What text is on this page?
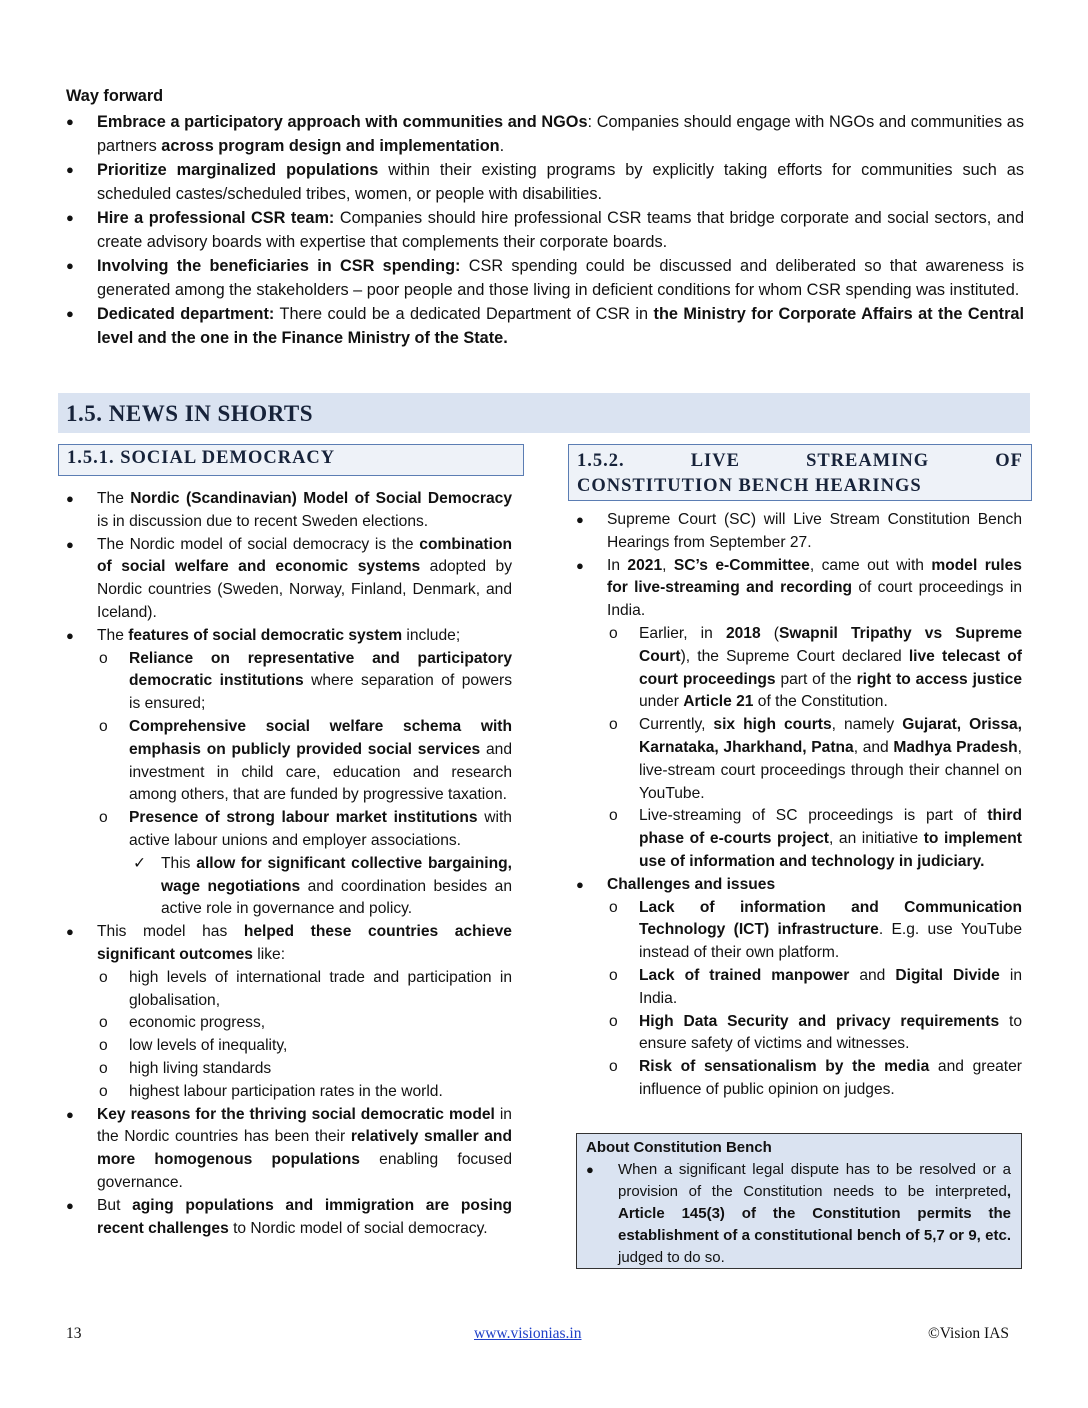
Way forward
●	Embrace a participatory approach with communities and NGOs: Companies should engage with NGOs and communities as partners across program design and implementation.
●	Prioritize marginalized populations within their existing programs by explicitly taking efforts for communities such as scheduled castes/scheduled tribes, women, or people with disabilities.
●	Hire a professional CSR team: Companies should hire professional CSR teams that bridge corporate and social sectors, and create advisory boards with expertise that complements their corporate boards.
●	Involving the beneficiaries in CSR spending: CSR spending could be discussed and deliberated so that awareness is generated among the stakeholders – poor people and those living in deficient conditions for whom CSR spending was instituted.
●	Dedicated department: There could be a dedicated Department of CSR in the Ministry for Corporate Affairs at the Central level and the one in the Finance Ministry of the State.
1.5. NEWS IN SHORTS
1.5.1. SOCIAL DEMOCRACY	1.5.2.	LIVE	STREAMING	OF
CONSTITUTION BENCH HEARINGS
●	The Nordic (Scandinavian) Model of Social Democracy is in discussion due to recent Sweden elections.
●	The Nordic model of social democracy is the combination of social welfare and economic systems adopted by Nordic countries (Sweden, Norway, Finland, Denmark, and Iceland).
●	The features of social democratic system include;
o Reliance on representative and participatory democratic institutions where separation of powers is ensured;
o Comprehensive social welfare schema with emphasis on publicly provided social services and investment in child care, education and research among others, that are funded by progressive taxation.
o Presence of strong labour market institutions with active labour unions and employer associations.
✓ This allow for significant collective bargaining, wage negotiations and coordination besides an active role in governance and policy.
●	This model has helped these countries achieve significant outcomes like:
o high levels of international trade and participation in globalisation,
o economic progress,
o low levels of inequality,
o high living standards
o highest labour participation rates in the world.
●	Key reasons for the thriving social democratic model in the Nordic countries has been their relatively smaller and more homogenous populations enabling focused governance.
●	But aging populations and immigration are posing recent challenges to Nordic model of social democracy.
●	Supreme Court (SC) will Live Stream Constitution Bench Hearings from September 27.
●	In 2021, SC’s e-Committee, came out with model rules for live-streaming and recording of court proceedings in India.
o Earlier, in 2018 (Swapnil Tripathy vs Supreme Court), the Supreme Court declared live telecast of court proceedings part of the right to access justice under Article 21 of the Constitution.
o Currently, six high courts, namely Gujarat, Orissa, Karnataka, Jharkhand, Patna, and Madhya Pradesh, live-stream court proceedings through their channel on YouTube.
o Live-streaming of SC proceedings is part of third phase of e-courts project, an initiative to implement use of information and technology in judiciary.
●	Challenges and issues
o Lack of information and Communication Technology (ICT) infrastructure. E.g. use YouTube instead of their own platform.
o Lack of trained manpower and Digital Divide in India.
o High Data Security and privacy requirements to ensure safety of victims and witnesses.
o Risk of sensationalism by the media and greater influence of public opinion on judges.
About Constitution Bench
●	When a significant legal dispute has to be resolved or a provision of the Constitution needs to be interpreted, Article 145(3) of the Constitution permits the establishment of a constitutional bench of 5,7 or 9, etc. judged to do so.
13	www.visionias.in	©Vision IAS
